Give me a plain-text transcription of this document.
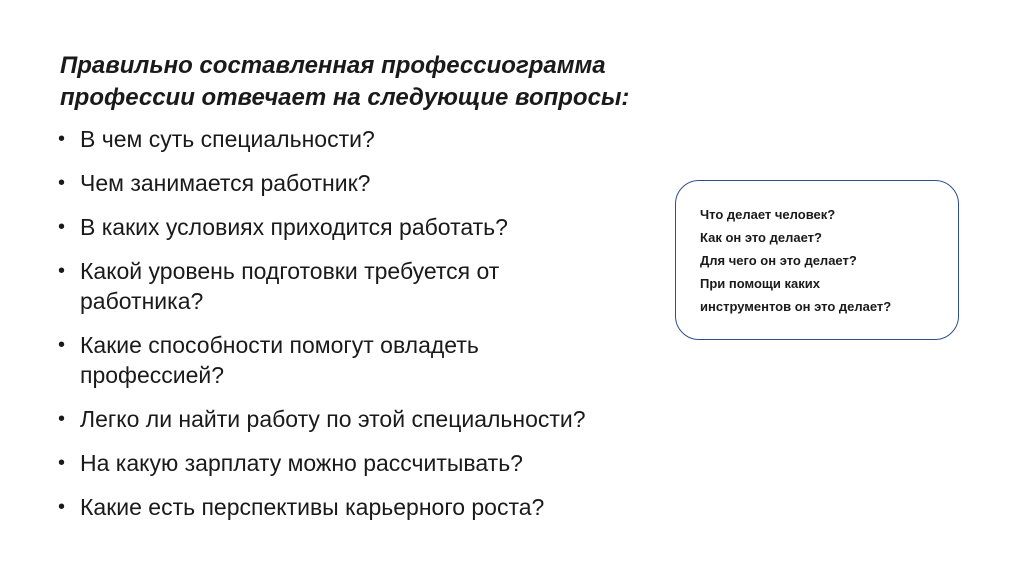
Правильно составленная профессиограмма
профессии отвечает на следующие вопросы:
• В чем суть специальности?
• Чем занимается работник?
• В каких условиях приходится работать?
• Какой уровень подготовки требуется от
работника?
• Какие способности помогут овладеть
профессией?
• Легко ли найти работу по этой специальности?
• На какую зарплату можно рассчитывать?
• Какие есть перспективы карьерного роста?
Что делает человек?
Как он это делает?
Для чего он это делает?
При помощи каких
инструментов он это делает?
